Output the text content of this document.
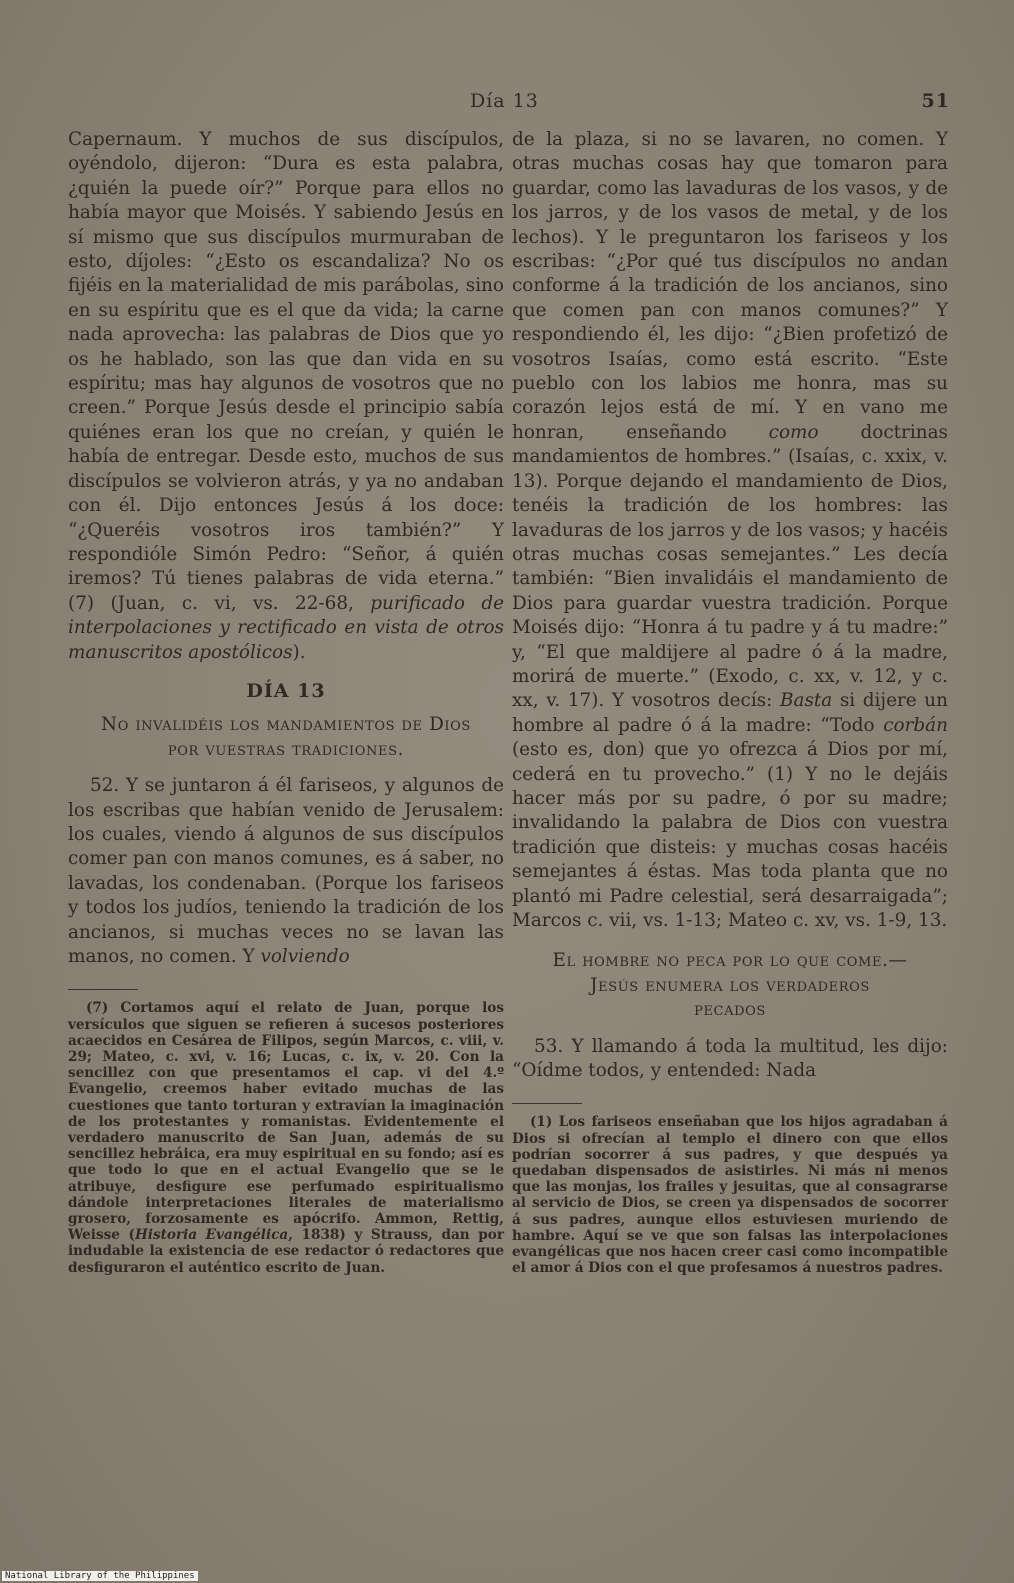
Día 13	51

Capernaum. Y muchos de sus discípulos, oyéndolo, dijeron: “Dura es esta palabra, ¿quién la puede oír?” Porque para ellos no había mayor que Moisés. Y sabiendo Jesús en sí mismo que sus discípulos murmuraban de esto, díjoles: “¿Esto os escandaliza? No os fijéis en la materialidad de mis parábolas, sino en su espíritu que es el que da vida; la carne nada aprovecha: las palabras de Dios que yo os he hablado, son las que dan vida en su espíritu; mas hay algunos de vosotros que no creen.” Porque Jesús desde el principio sabía quiénes eran los que no creían, y quién le había de entregar. Desde esto, muchos de sus discípulos se volvieron atrás, y ya no andaban con él. Dijo entonces Jesús á los doce: “¿Queréis vosotros iros también?” Y respondióle Simón Pedro: “Señor, á quién iremos? Tú tienes palabras de vida eterna.” (7) (Juan, c. vi, vs. 22-68, purificado de interpolaciones y rectificado en vista de otros manuscritos apostólicos).

DÍA 13
No invalidéis los mandamientos de Dios
por vuestras tradiciones.

52. Y se juntaron á él fariseos, y algunos de los escribas que habían venido de Jerusalem: los cuales, viendo á algunos de sus discípulos comer pan con manos comunes, es á saber, no lavadas, los condenaban. (Porque los fariseos y todos los judíos, teniendo la tradición de los ancianos, si muchas veces no se lavan las manos, no comen. Y volviendo

(7) Cortamos aquí el relato de Juan, porque los versículos que siguen se refieren á sucesos posteriores acaecidos en Cesárea de Filipos, según Marcos, c. viii, v. 29; Mateo, c. xvi, v. 16; Lucas, c. ix, v. 20. Con la sencillez con que presentamos el cap. vi del 4.º Evangelio, creemos haber evitado muchas de las cuestiones que tanto torturan y extravían la imaginación de los protestantes y romanistas. Evidentemente el verdadero manuscrito de San Juan, además de su sencillez hebráica, era muy espiritual en su fondo; así es que todo lo que en el actual Evangelio que se le atribuye, desfigure ese perfumado espiritualismo dándole interpretaciones literales de materialismo grosero, forzosamente es apócrifo. Ammon, Rettig, Weisse (Historia Evangélica, 1838) y Strauss, dan por indudable la existencia de ese redactor ó redactores que desfiguraron el auténtico escrito de Juan.

de la plaza, si no se lavaren, no comen. Y otras muchas cosas hay que tomaron para guardar, como las lavaduras de los vasos, y de los jarros, y de los vasos de metal, y de los lechos). Y le preguntaron los fariseos y los escribas: “¿Por qué tus discípulos no andan conforme á la tradición de los ancianos, sino que comen pan con manos comunes?” Y respondiendo él, les dijo: “¿Bien profetizó de vosotros Isaías, como está escrito. “Este pueblo con los labios me honra, mas su corazón lejos está de mí. Y en vano me honran, enseñando como doctrinas mandamientos de hombres.” (Isaías, c. xxix, v. 13). Porque dejando el mandamiento de Dios, tenéis la tradición de los hombres: las lavaduras de los jarros y de los vasos; y hacéis otras muchas cosas semejantes.” Les decía también: “Bien invalidáis el mandamiento de Dios para guardar vuestra tradición. Porque Moisés dijo: “Honra á tu padre y á tu madre:” y, “El que maldijere al padre ó á la madre, morirá de muerte.” (Exodo, c. xx, v. 12, y c. xx, v. 17). Y vosotros decís: Basta si dijere un hombre al padre ó á la madre: “Todo corbán (esto es, don) que yo ofrezca á Dios por mí, cederá en tu provecho.” (1) Y no le dejáis hacer más por su padre, ó por su madre; invalidando la palabra de Dios con vuestra tradición que disteis: y muchas cosas hacéis semejantes á éstas. Mas toda planta que no plantó mi Padre celestial, será desarraigada”; Marcos c. vii, vs. 1-13; Mateo c. xv, vs. 1-9, 13.

El hombre no peca por lo que come.—
Jesús enumera los verdaderos
pecados

53. Y llamando á toda la multitud, les dijo: “Oídme todos, y entended: Nada

(1) Los fariseos enseñaban que los hijos agradaban á Dios si ofrecían al templo el dinero con que ellos podrían socorrer á sus padres, y que después ya quedaban dispensados de asistirles. Ni más ni menos que las monjas, los frailes y jesuitas, que al consagrarse al servicio de Dios, se creen ya dispensados de socorrer á sus padres, aunque ellos estuviesen muriendo de hambre. Aquí se ve que son falsas las interpolaciones evangélicas que nos hacen creer casi como incompatible el amor á Dios con el que profesamos á nuestros padres.

National Library of the Philippines
